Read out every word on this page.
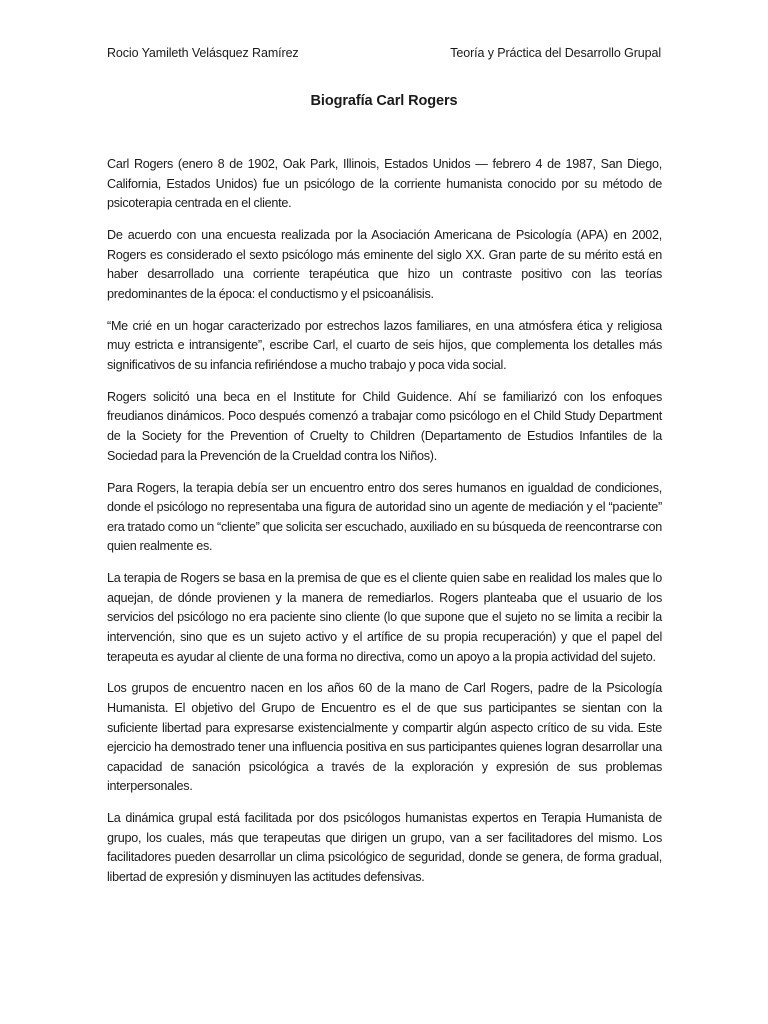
Rocio Yamileth Velásquez Ramírez	Teoría y Práctica del Desarrollo Grupal
Biografía Carl Rogers

Carl Rogers (enero 8 de 1902, Oak Park, Illinois, Estados Unidos — febrero 4 de 1987, San Diego, California, Estados Unidos) fue un psicólogo de la corriente humanista conocido por su método de psicoterapia centrada en el cliente.

De acuerdo con una encuesta realizada por la Asociación Americana de Psicología (APA) en 2002, Rogers es considerado el sexto psicólogo más eminente del siglo XX. Gran parte de su mérito está en haber desarrollado una corriente terapéutica que hizo un contraste positivo con las teorías predominantes de la época: el conductismo y el psicoanálisis.

“Me crié en un hogar caracterizado por estrechos lazos familiares, en una atmósfera ética y religiosa muy estricta e intransigente”, escribe Carl, el cuarto de seis hijos, que complementa los detalles más significativos de su infancia refiriéndose a mucho trabajo y poca vida social.

Rogers solicitó una beca en el Institute for Child Guidence. Ahí se familiarizó con los enfoques freudianos dinámicos. Poco después comenzó a trabajar como psicólogo en el Child Study Department de la Society for the Prevention of Cruelty to Children (Departamento de Estudios Infantiles de la Sociedad para la Prevención de la Crueldad contra los Niños).

Para Rogers, la terapia debía ser un encuentro entro dos seres humanos en igualdad de condiciones, donde el psicólogo no representaba una figura de autoridad sino un agente de mediación y el “paciente” era tratado como un “cliente” que solicita ser escuchado, auxiliado en su búsqueda de reencontrarse con quien realmente es.

La terapia de Rogers se basa en la premisa de que es el cliente quien sabe en realidad los males que lo aquejan, de dónde provienen y la manera de remediarlos. Rogers planteaba que el usuario de los servicios del psicólogo no era paciente sino cliente (lo que supone que el sujeto no se limita a recibir la intervención, sino que es un sujeto activo y el artífice de su propia recuperación) y que el papel del terapeuta es ayudar al cliente de una forma no directiva, como un apoyo a la propia actividad del sujeto.

Los grupos de encuentro nacen en los años 60 de la mano de Carl Rogers, padre de la Psicología Humanista. El objetivo del Grupo de Encuentro es el de que sus participantes se sientan con la suficiente libertad para expresarse existencialmente y compartir algún aspecto crítico de su vida. Este ejercicio ha demostrado tener una influencia positiva en sus participantes quienes logran desarrollar una capacidad de sanación psicológica a través de la exploración y expresión de sus problemas interpersonales.

La dinámica grupal está facilitada por dos psicólogos humanistas expertos en Terapia Humanista de grupo, los cuales, más que terapeutas que dirigen un grupo, van a ser facilitadores del mismo. Los facilitadores pueden desarrollar un clima psicológico de seguridad, donde se genera, de forma gradual, libertad de expresión y disminuyen las actitudes defensivas.
